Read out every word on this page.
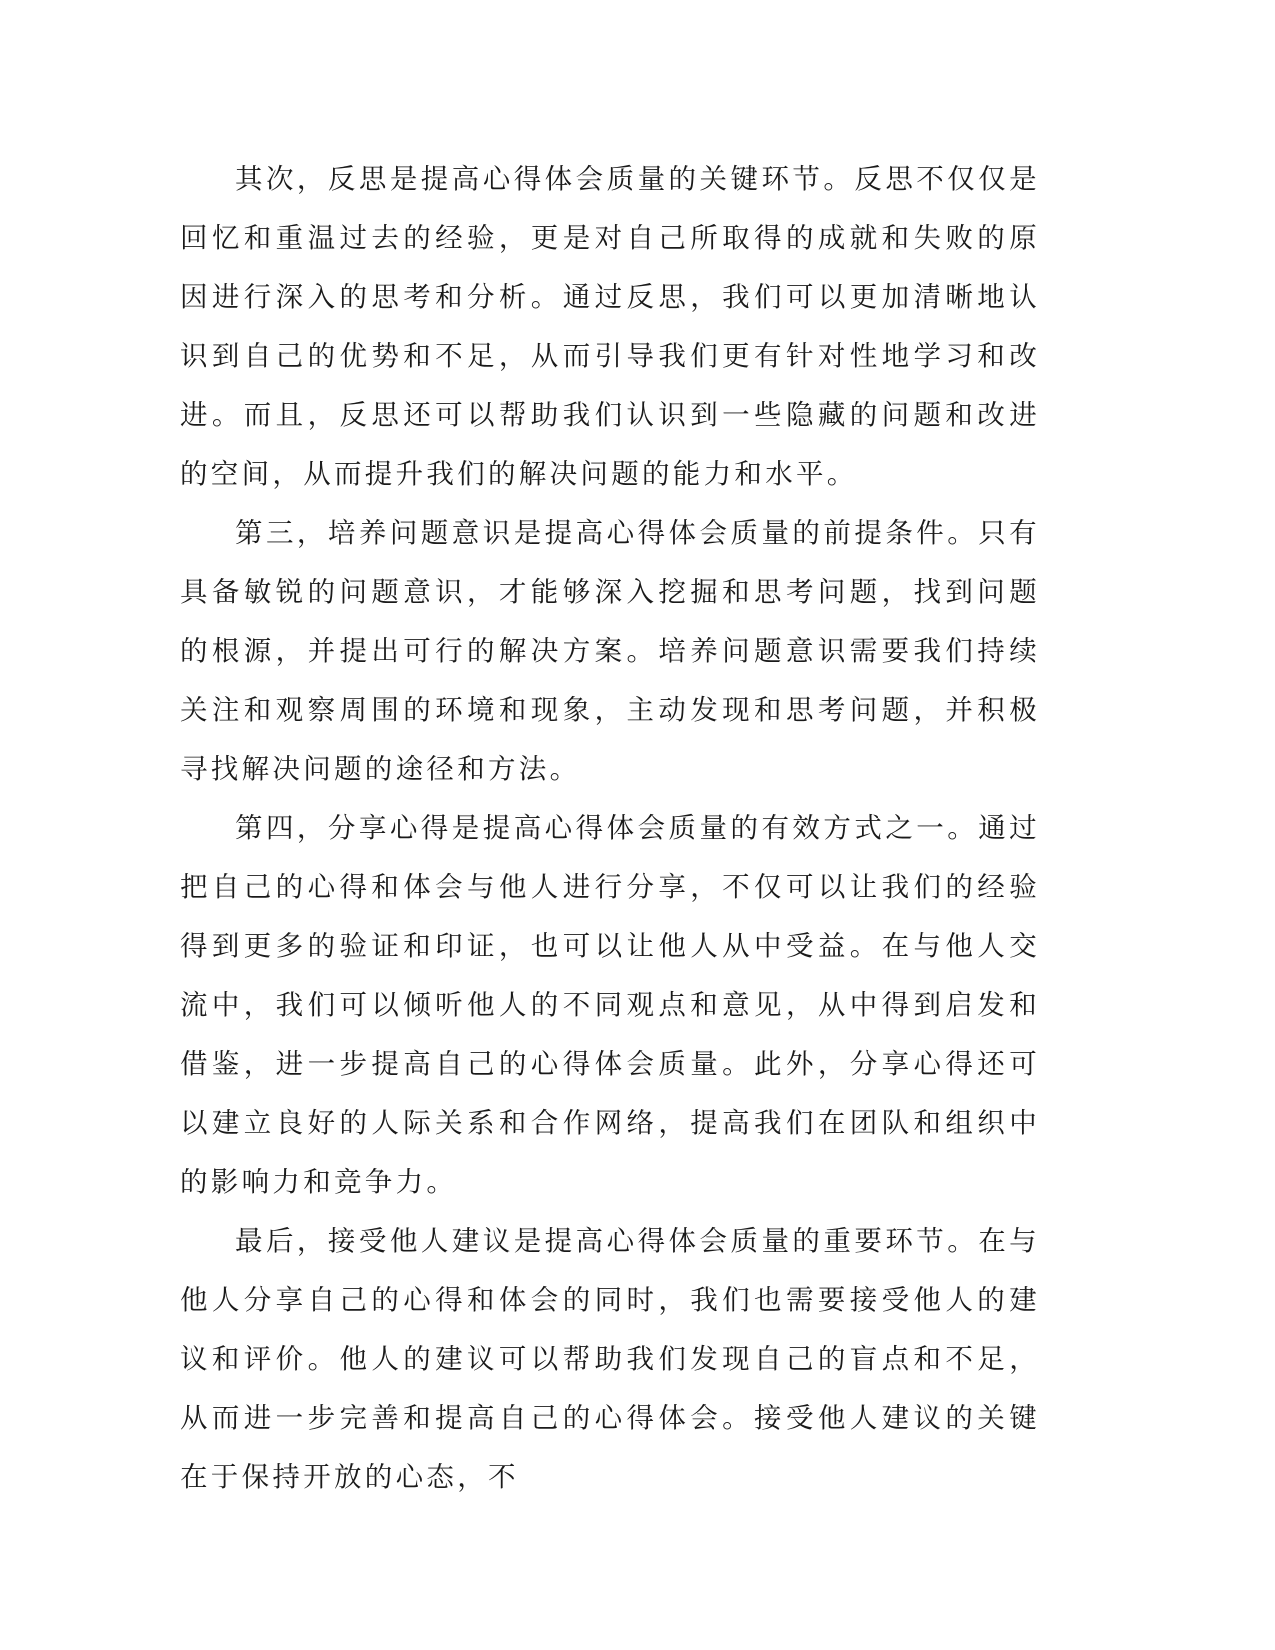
其次，反思是提高心得体会质量的关键环节。反思不仅仅是回忆和重温过去的经验，更是对自己所取得的成就和失败的原因进行深入的思考和分析。通过反思，我们可以更加清晰地认识到自己的优势和不足，从而引导我们更有针对性地学习和改进。而且，反思还可以帮助我们认识到一些隐藏的问题和改进的空间，从而提升我们的解决问题的能力和水平。

第三，培养问题意识是提高心得体会质量的前提条件。只有具备敏锐的问题意识，才能够深入挖掘和思考问题，找到问题的根源，并提出可行的解决方案。培养问题意识需要我们持续关注和观察周围的环境和现象，主动发现和思考问题，并积极寻找解决问题的途径和方法。

第四，分享心得是提高心得体会质量的有效方式之一。通过把自己的心得和体会与他人进行分享，不仅可以让我们的经验得到更多的验证和印证，也可以让他人从中受益。在与他人交流中，我们可以倾听他人的不同观点和意见，从中得到启发和借鉴，进一步提高自己的心得体会质量。此外，分享心得还可以建立良好的人际关系和合作网络，提高我们在团队和组织中的影响力和竞争力。

最后，接受他人建议是提高心得体会质量的重要环节。在与他人分享自己的心得和体会的同时，我们也需要接受他人的建议和评价。他人的建议可以帮助我们发现自己的盲点和不足，从而进一步完善和提高自己的心得体会。接受他人建议的关键在于保持开放的心态，不
